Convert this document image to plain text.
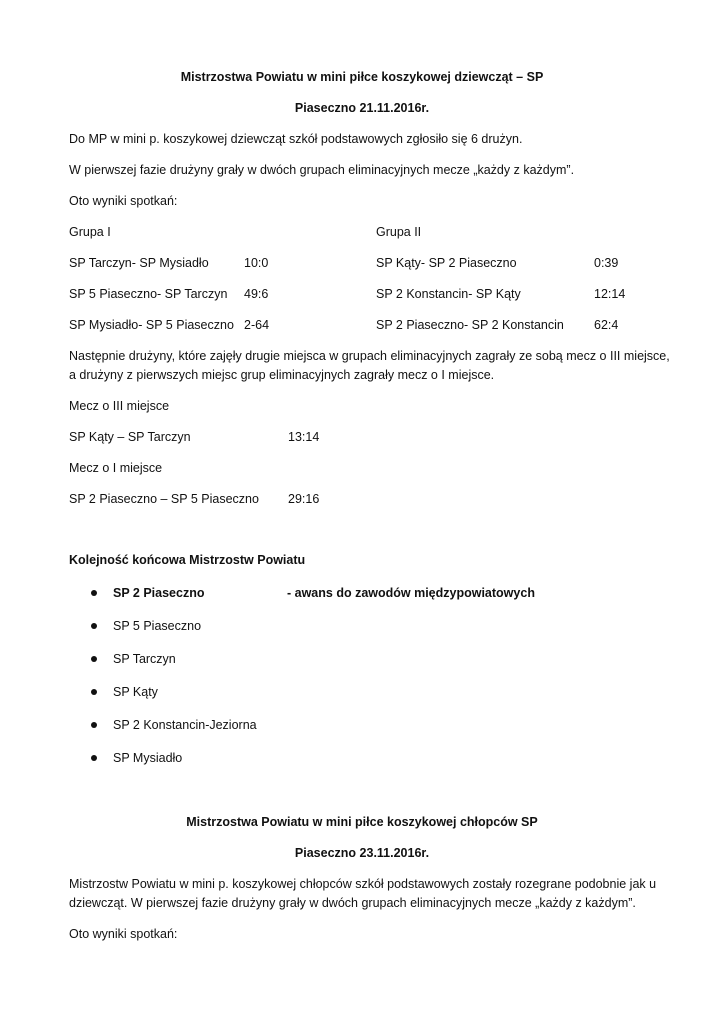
Mistrzostwa Powiatu w mini piłce koszykowej dziewcząt – SP
Piaseczno 21.11.2016r.
Do MP w mini p. koszykowej dziewcząt szkół podstawowych zgłosiło się 6 drużyn.
W pierwszej fazie drużyny grały w dwóch grupach eliminacyjnych mecze „każdy z każdym”.
Oto wyniki spotkań:
Grupa I
SP Tarczyn- SP Mysiadło	10:0
SP 5 Piaseczno- SP Tarczyn 49:6
SP Mysiadło- SP 5 Piaseczno 2-64
Grupa II
SP Kąty- SP 2 Piaseczno	0:39
SP 2 Konstancin- SP Kąty	12:14
SP 2 Piaseczno- SP 2 Konstancin 62:4
Następnie drużyny, które zajęły drugie miejsca w grupach eliminacyjnych zagrały ze sobą mecz o III miejsce,
a drużyny z pierwszych miejsc grup eliminacyjnych zagrały mecz o I miejsce.
Mecz o III miejsce
SP Kąty – SP Tarczyn	13:14
Mecz o I miejsce
SP 2 Piaseczno – SP 5 Piaseczno 29:16
Kolejność końcowa Mistrzostw Powiatu
SP 2 Piaseczno	- awans do zawodów międzypowiatowych
SP 5 Piaseczno
SP Tarczyn
SP Kąty
SP 2 Konstancin-Jeziorna
SP Mysiadło
Mistrzostwa Powiatu w mini piłce koszykowej chłopców SP
Piaseczno 23.11.2016r.
Mistrzostw Powiatu w mini p. koszykowej chłopców szkół podstawowych zostały rozegrane podobnie jak u
dziewcząt. W pierwszej fazie drużyny grały w dwóch grupach eliminacyjnych mecze „każdy z każdym”.
Oto wyniki spotkań:
